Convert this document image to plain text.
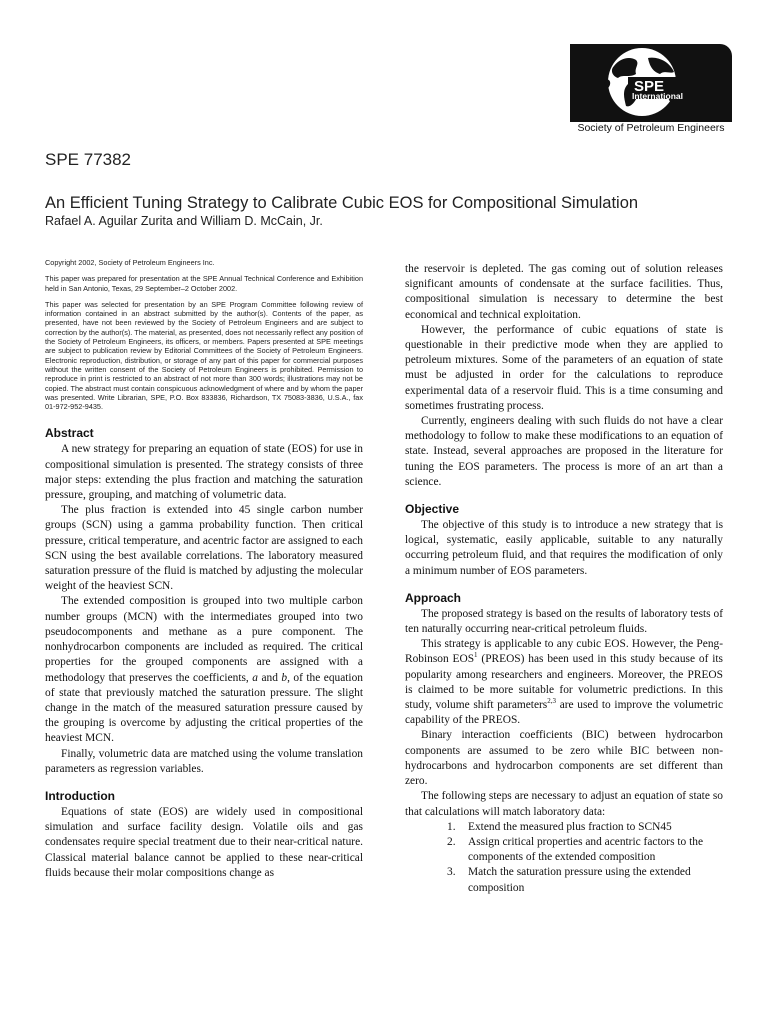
SPE
International
Society of Petroleum Engineers
SPE 77382
An Efficient Tuning Strategy to Calibrate Cubic EOS for Compositional Simulation
Rafael A. Aguilar Zurita and William D. McCain, Jr.

Copyright 2002, Society of Petroleum Engineers Inc.

This paper was prepared for presentation at the SPE Annual Technical Conference and Exhibition held in San Antonio, Texas, 29 September–2 October 2002.

This paper was selected for presentation by an SPE Program Committee following review of information contained in an abstract submitted by the author(s). Contents of the paper, as presented, have not been reviewed by the Society of Petroleum Engineers and are subject to correction by the author(s). The material, as presented, does not necessarily reflect any position of the Society of Petroleum Engineers, its officers, or members. Papers presented at SPE meetings are subject to publication review by Editorial Committees of the Society of Petroleum Engineers. Electronic reproduction, distribution, or storage of any part of this paper for commercial purposes without the written consent of the Society of Petroleum Engineers is prohibited. Permission to reproduce in print is restricted to an abstract of not more than 300 words; illustrations may not be copied. The abstract must contain conspicuous acknowledgment of where and by whom the paper was presented. Write Librarian, SPE, P.O. Box 833836, Richardson, TX 75083-3836, U.S.A., fax 01-972-952-9435.

Abstract

A new strategy for preparing an equation of state (EOS) for use in compositional simulation is presented. The strategy consists of three major steps: extending the plus fraction and matching the saturation pressure, grouping, and matching of volumetric data.

The plus fraction is extended into 45 single carbon number groups (SCN) using a gamma probability function. Then critical pressure, critical temperature, and acentric factor are assigned to each SCN using the best available correlations. The laboratory measured saturation pressure of the fluid is matched by adjusting the molecular weight of the heaviest SCN.

The extended composition is grouped into two multiple carbon number groups (MCN) with the intermediates grouped into two pseudocomponents and methane as a pure component. The nonhydrocarbon components are included as required. The critical properties for the grouped components are assigned with a methodology that preserves the coefficients, a and b, of the equation of state that previously matched the saturation pressure. The slight change in the match of the measured saturation pressure caused by the grouping is overcome by adjusting the critical properties of the heaviest MCN.

Finally, volumetric data are matched using the volume translation parameters as regression variables.

Introduction

Equations of state (EOS) are widely used in compositional simulation and surface facility design. Volatile oils and gas condensates require special treatment due to their near-critical nature. Classical material balance cannot be applied to these near-critical fluids because their molar compositions change as

the reservoir is depleted. The gas coming out of solution releases significant amounts of condensate at the surface facilities. Thus, compositional simulation is necessary to determine the best economical and technical exploitation.

However, the performance of cubic equations of state is questionable in their predictive mode when they are applied to petroleum mixtures. Some of the parameters of an equation of state must be adjusted in order for the calculations to reproduce experimental data of a reservoir fluid. This is a time consuming and sometimes frustrating process.

Currently, engineers dealing with such fluids do not have a clear methodology to follow to make these modifications to an equation of state. Instead, several approaches are proposed in the literature for tuning the EOS parameters. The process is more of an art than a science.

Objective

The objective of this study is to introduce a new strategy that is logical, systematic, easily applicable, suitable to any naturally occurring petroleum fluid, and that requires the modification of only a minimum number of EOS parameters.

Approach

The proposed strategy is based on the results of laboratory tests of ten naturally occurring near-critical petroleum fluids.

This strategy is applicable to any cubic EOS. However, the Peng-Robinson EOS$^1$ (PREOS) has been used in this study because of its popularity among researchers and engineers. Moreover, the PREOS is claimed to be more suitable for volumetric predictions. In this study, volume shift parameters$^{2,3}$ are used to improve the volumetric capability of the PREOS.

Binary interaction coefficients (BIC) between hydrocarbon components are assumed to be zero while BIC between non-hydrocarbons and hydrocarbon components are set different than zero.

The following steps are necessary to adjust an equation of state so that calculations will match laboratory data:

1. Extend the measured plus fraction to SCN45
2. Assign critical properties and acentric factors to the components of the extended composition
3. Match the saturation pressure using the extended composition
